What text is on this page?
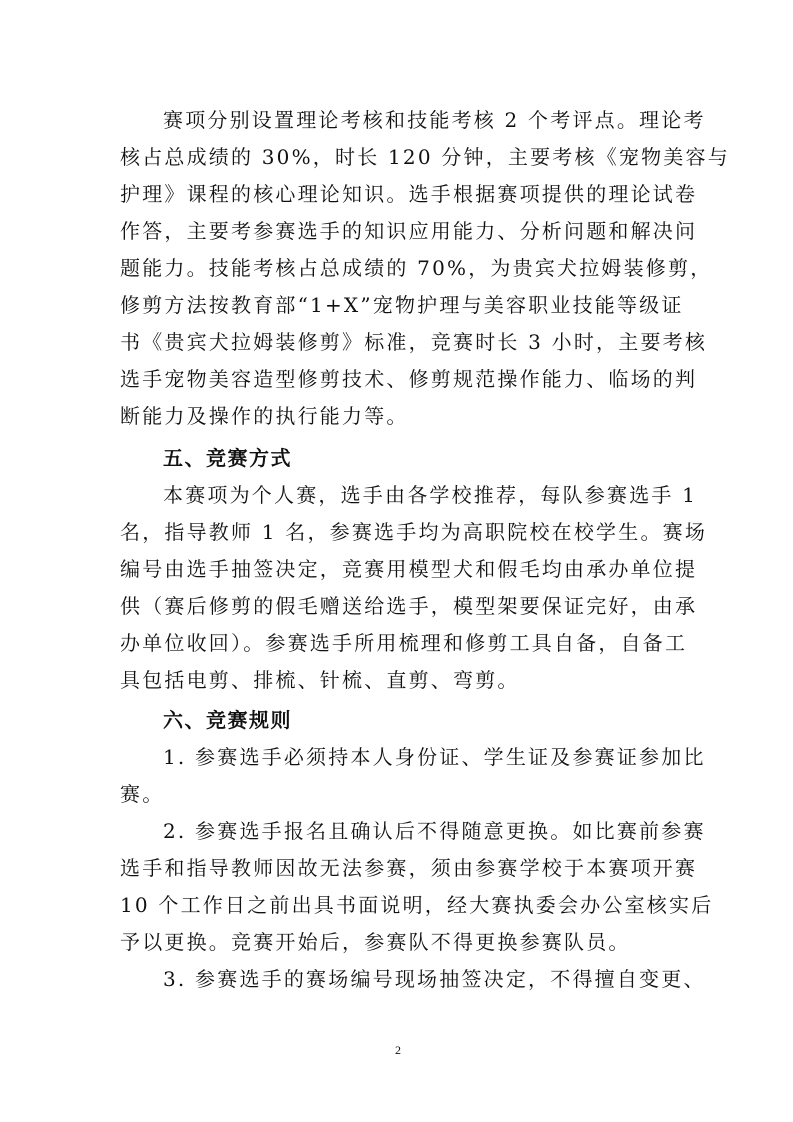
赛项分别设置理论考核和技能考核 2 个考评点。理论考
核占总成绩的 30%，时长 120 分钟，主要考核《宠物美容与
护理》课程的核心理论知识。选手根据赛项提供的理论试卷
作答，主要考参赛选手的知识应用能力、分析问题和解决问
题能力。技能考核占总成绩的 70%，为贵宾犬拉姆装修剪，
修剪方法按教育部“1+X”宠物护理与美容职业技能等级证
书《贵宾犬拉姆装修剪》标准，竞赛时长 3 小时，主要考核
选手宠物美容造型修剪技术、修剪规范操作能力、临场的判
断能力及操作的执行能力等。
五、竞赛方式
本赛项为个人赛，选手由各学校推荐，每队参赛选手 1
名，指导教师 1 名，参赛选手均为高职院校在校学生。赛场
编号由选手抽签决定，竞赛用模型犬和假毛均由承办单位提
供（赛后修剪的假毛赠送给选手，模型架要保证完好，由承
办单位收回）。参赛选手所用梳理和修剪工具自备，自备工
具包括电剪、排梳、针梳、直剪、弯剪。
六、竞赛规则
1. 参赛选手必须持本人身份证、学生证及参赛证参加比
赛。
2. 参赛选手报名且确认后不得随意更换。如比赛前参赛
选手和指导教师因故无法参赛，须由参赛学校于本赛项开赛
10 个工作日之前出具书面说明，经大赛执委会办公室核实后
予以更换。竞赛开始后，参赛队不得更换参赛队员。
3. 参赛选手的赛场编号现场抽签决定，不得擅自变更、
2
